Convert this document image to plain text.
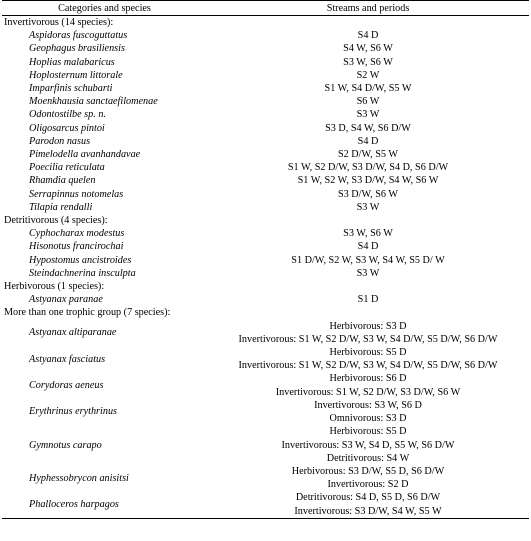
Categories and species	Streams and periods
Invertivorous (14 species):	
Aspidoras fuscoguttatus	S4 D

Geophagus brasiliensis	S4 W, S6 W

Hoplias malabaricus	S3 W, S6 W

Hoplosternum littorale	S2 W

Imparfinis schubarti	S1 W, S4 D/W, S5 W

Moenkhausia sanctaefilomenae	S6 W

Odontostilbe sp. n.	S3 W

Oligosarcus pintoi	S3 D, S4 W, S6 D/W

Parodon nasus	S4 D

Pimelodella avanhandavae	S2 D/W, S5 W

Poecilia reticulata	S1 W, S2 D/W, S3 D/W, S4 D, S6 D/W

Rhamdia quelen	S1 W, S2 W, S3 D/W, S4 W, S6 W

Serrapinnus notomelas	S3 D/W, S6 W

Tilapia rendalli	S3 W

Detritivorous (4 species):	
Cyphocharax modestus	S3 W, S6 W

Hisonotus francirochai	S4 D

Hypostomus ancistroides	S1 D/W, S2 W, S3 W, S4 W, S5 D/ W

Steindachnerina insculpta	S3 W

Herbivorous (1 species):	
Astyanax paranae	S1 D

More than one trophic group (7 species):	
Astyanax altiparanae	Herbivorous: S3 D
Invertivorous: S1 W, S2 D/W, S3 W, S4 D/W, S5 D/W, S6 D/W

Astyanax fasciatus	Herbivorous: S5 D
Invertivorous: S1 W, S2 D/W, S3 W, S4 D/W, S5 D/W, S6 D/W

Corydoras aeneus	Herbivorous: S6 D
Invertivorous: S1 W, S2 D/W, S3 D/W, S6 W

Erythrinus erythrinus	Invertivorous: S3 W, S6 D
Omnivorous: S3 D

Gymnotus carapo	Herbivorous: S5 D
Invertivorous: S3 W, S4 D, S5 W, S6 D/W
Detritivorous: S4 W

Hyphessobrycon anisitsi	Herbivorous: S3 D/W, S5 D, S6 D/W
Invertivorous: S2 D

Phalloceros harpagos	Detritivorous: S4 D, S5 D, S6 D/W
Invertivorous: S3 D/W, S4 W, S5 W
